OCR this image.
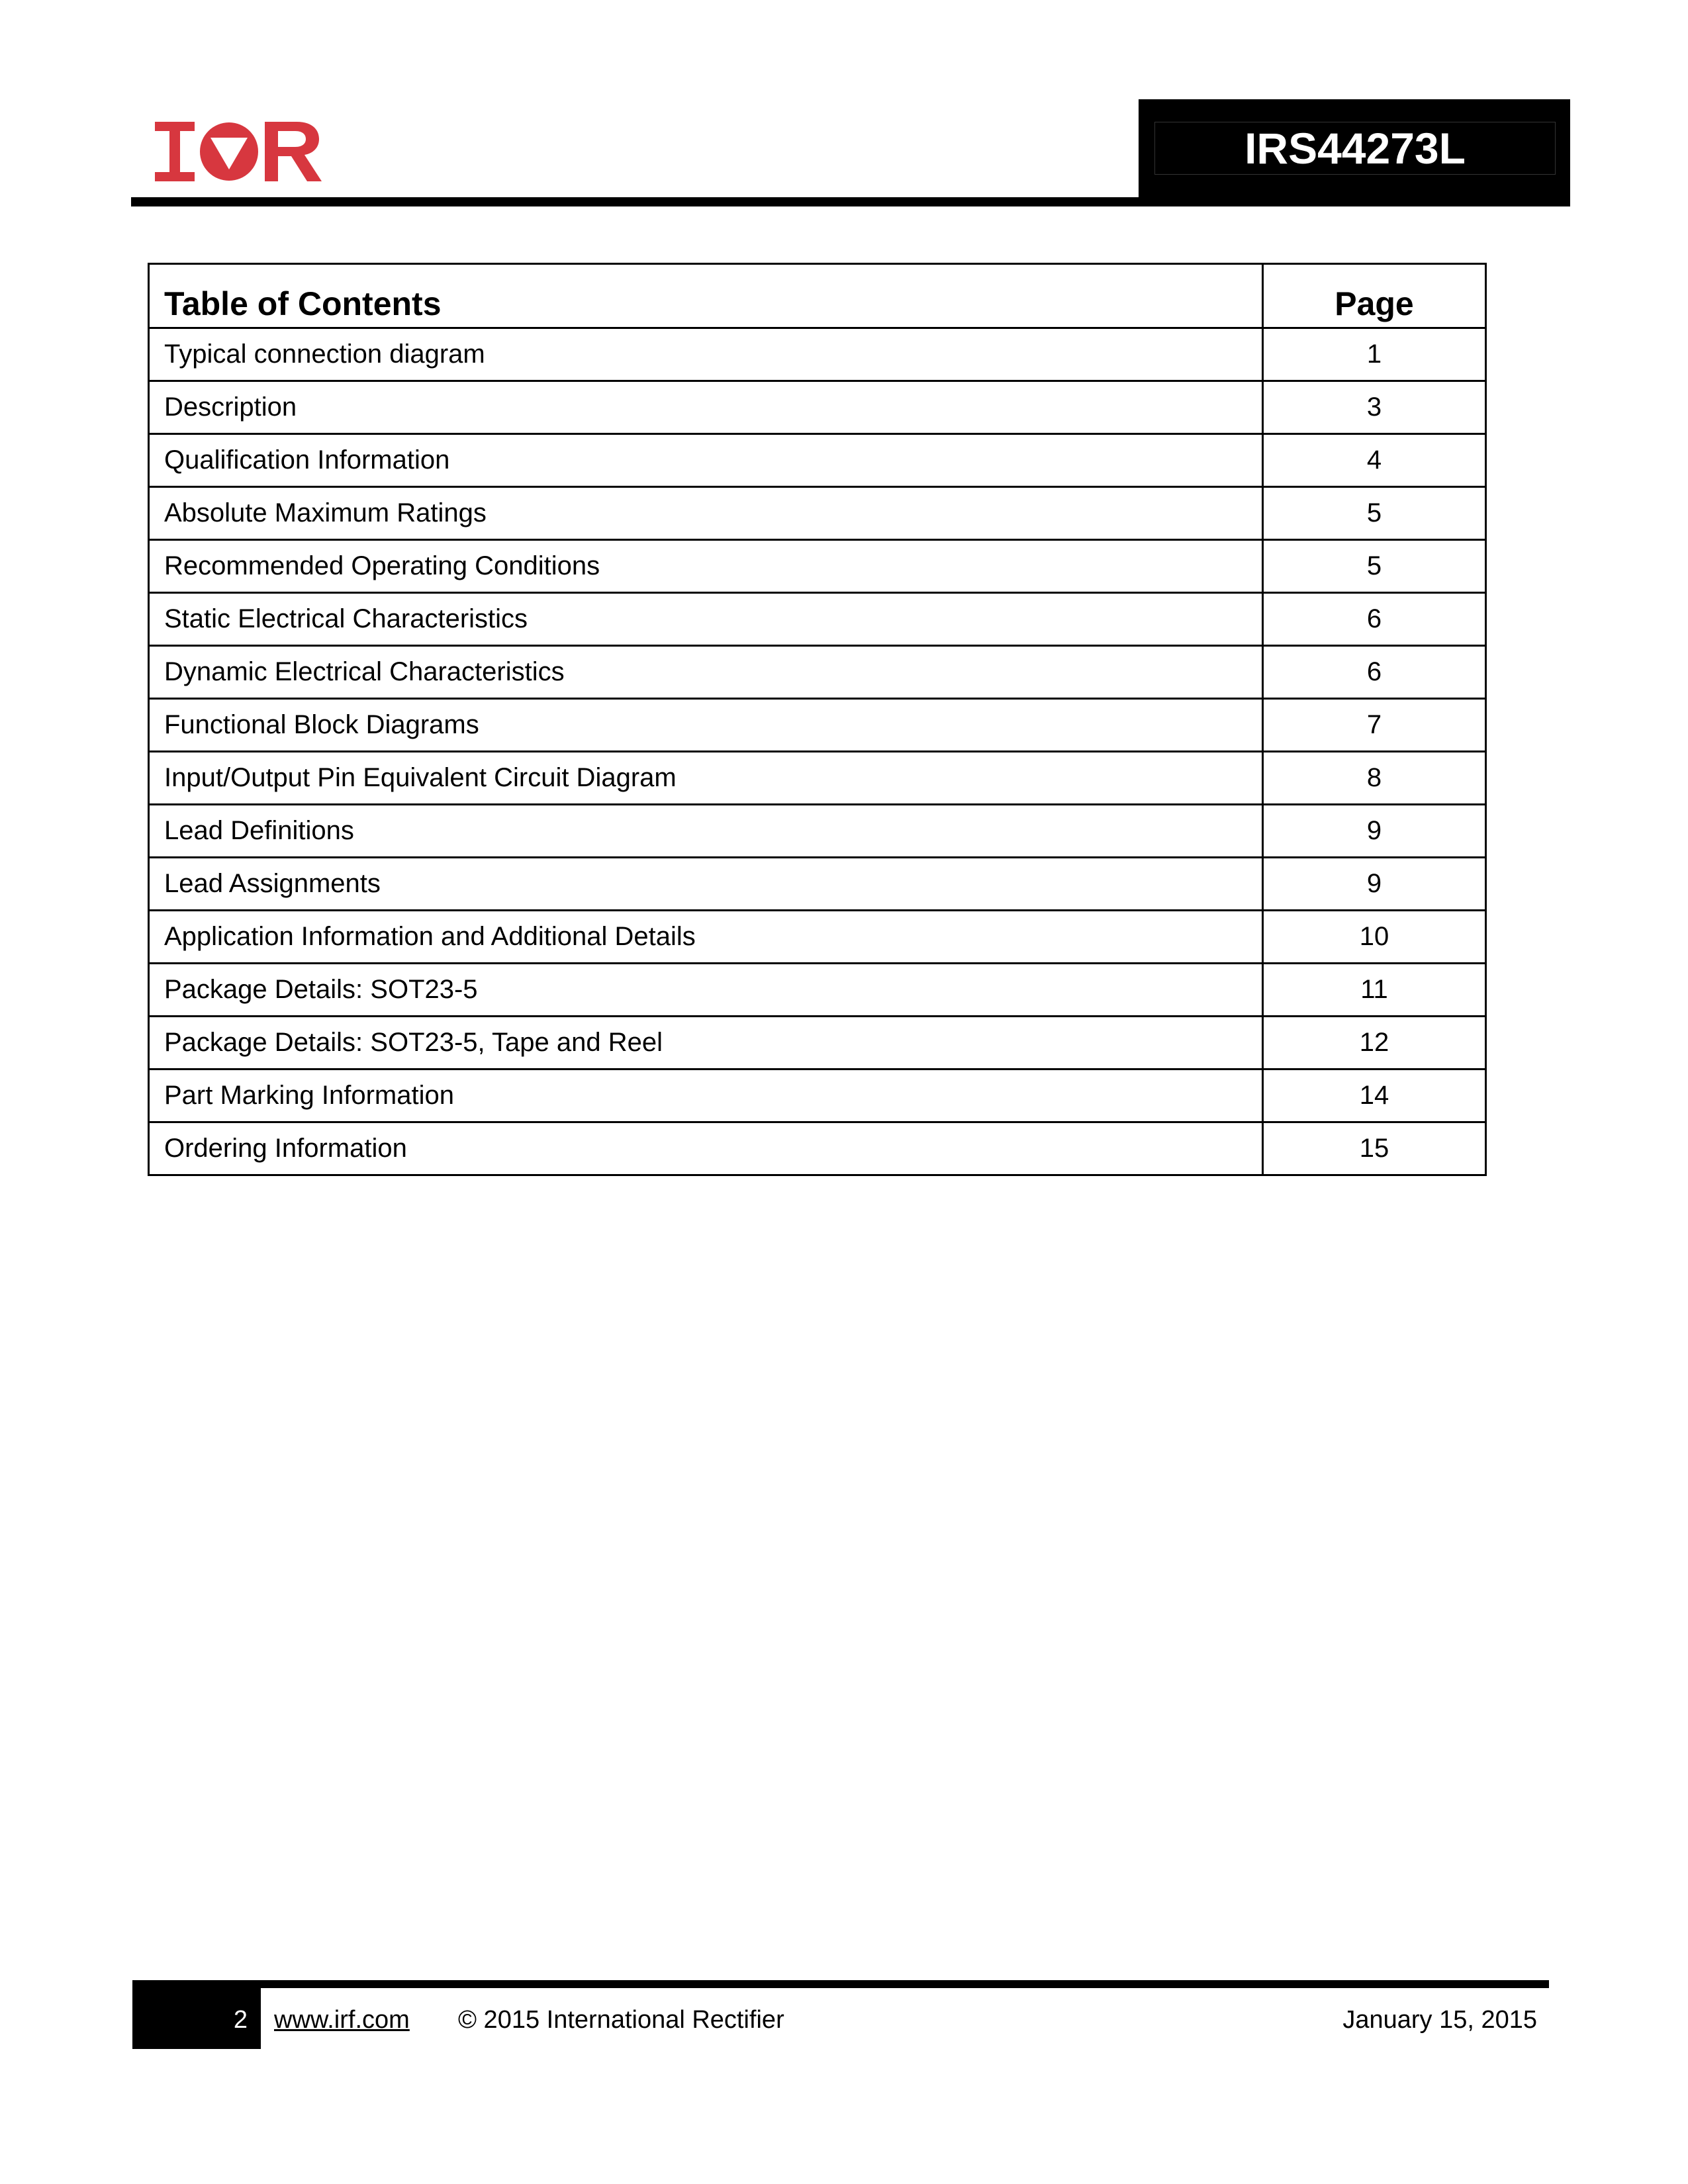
IRS44273L
Table of Contents	Page
Typical connection diagram	1
Description	3
Qualification Information	4
Absolute Maximum Ratings	5
Recommended Operating Conditions	5
Static Electrical Characteristics	6
Dynamic Electrical Characteristics	6
Functional Block Diagrams	7
Input/Output Pin Equivalent Circuit Diagram	8
Lead Definitions	9
Lead Assignments	9
Application Information and Additional Details	10
Package Details: SOT23-5	11
Package Details: SOT23-5, Tape and Reel	12
Part Marking Information	14
Ordering Information	15
2 www.irf.com © 2015 International Rectifier	January 15, 2015
